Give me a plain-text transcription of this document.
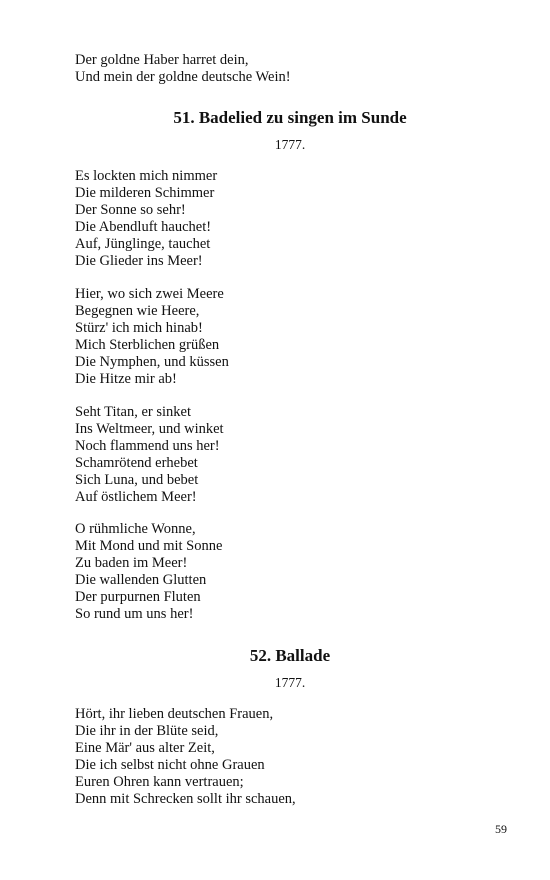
Der goldne Haber harret dein,
Und mein der goldne deutsche Wein!
51. Badelied zu singen im Sunde
1777.
Es lockten mich nimmer
Die milderen Schimmer
Der Sonne so sehr!
Die Abendluft hauchet!
Auf, Jünglinge, tauchet
Die Glieder ins Meer!
Hier, wo sich zwei Meere
Begegnen wie Heere,
Stürz' ich mich hinab!
Mich Sterblichen grüßen
Die Nymphen, und küssen
Die Hitze mir ab!
Seht Titan, er sinket
Ins Weltmeer, und winket
Noch flammend uns her!
Schamrötend erhebet
Sich Luna, und bebet
Auf östlichem Meer!
O rühmliche Wonne,
Mit Mond und mit Sonne
Zu baden im Meer!
Die wallenden Glutten
Der purpurnen Fluten
So rund um uns her!
52. Ballade
1777.
Hört, ihr lieben deutschen Frauen,
Die ihr in der Blüte seid,
Eine Mär' aus alter Zeit,
Die ich selbst nicht ohne Grauen
Euren Ohren kann vertrauen;
Denn mit Schrecken sollt ihr schauen,
59
